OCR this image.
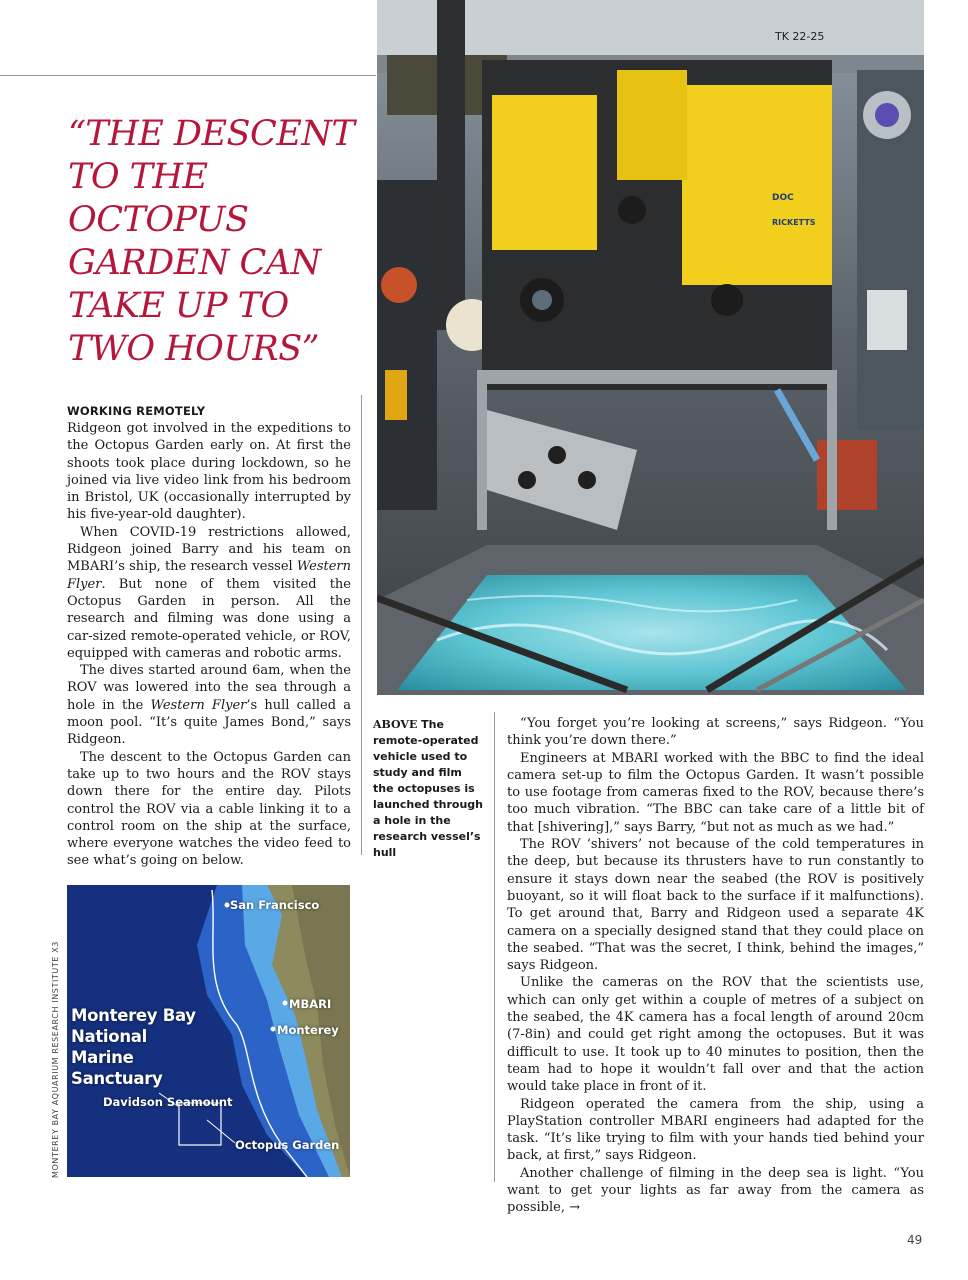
“THE DESCENT TO THE OCTOPUS GARDEN CAN TAKE UP TO TWO HOURS”
WORKING REMOTELY

Ridgeon got involved in the expeditions to the Octopus Garden early on. At first the shoots took place during lockdown, so he joined via live video link from his bedroom in Bristol, UK (occasionally interrupted by his five-year-old daughter).

When COVID-19 restrictions allowed, Ridgeon joined Barry and his team on MBARI’s ship, the research vessel Western Flyer. But none of them visited the Octopus Garden in person. All the research and filming was done using a car-sized remote-operated vehicle, or ROV, equipped with cameras and robotic arms.

The dives started around 6am, when the ROV was lowered into the sea through a hole in the Western Flyer’s hull called a moon pool. “It’s quite James Bond,” says Ridgeon.

The descent to the Octopus Garden can take up to two hours and the ROV stays down there for the entire day. Pilots control the ROV via a cable linking it to a control room on the ship at the surface, where everyone watches the video feed to see what’s going on below.

DOC
RICKETTS
TK 22-25
ABOVE The remote-operated vehicle used to study and film the octopuses is launched through a hole in the research vessel’s hull

“You forget you’re looking at screens,” says Ridgeon. “You think you’re down there.”

Engineers at MBARI worked with the BBC to find the ideal camera set-up to film the Octopus Garden. It wasn’t possible to use footage from cameras fixed to the ROV, because there’s too much vibration. “The BBC can take care of a little bit of that [shivering],” says Barry, “but not as much as we had.”

The ROV ‘shivers’ not because of the cold temperatures in the deep, but because its thrusters have to run constantly to ensure it stays down near the seabed (the ROV is positively buoyant, so it will float back to the surface if it malfunctions). To get around that, Barry and Ridgeon used a separate 4K camera on a specially designed stand that they could place on the seabed. “That was the secret, I think, behind the images,” says Ridgeon.

Unlike the cameras on the ROV that the scientists use, which can only get within a couple of metres of a subject on the seabed, the 4K camera has a focal length of around 20cm (7-8in) and could get right among the octopuses. But it was difficult to use. It took up to 40 minutes to position, then the team had to hope it wouldn’t fall over and that the action would take place in front of it.

Ridgeon operated the camera from the ship, using a PlayStation controller MBARI engineers had adapted for the task. “It’s like trying to film with your hands tied behind your back, at first,” says Ridgeon.

Another challenge of filming in the deep sea is light. “You want to get your lights as far away from the camera as possible, →

Monterey Bay National Marine Sanctuary
San Francisco
MBARI
Monterey
Davidson Seamount
Octopus Garden
MONTEREY BAY AQUARIUM RESEARCH INSTITUTE X3
49
